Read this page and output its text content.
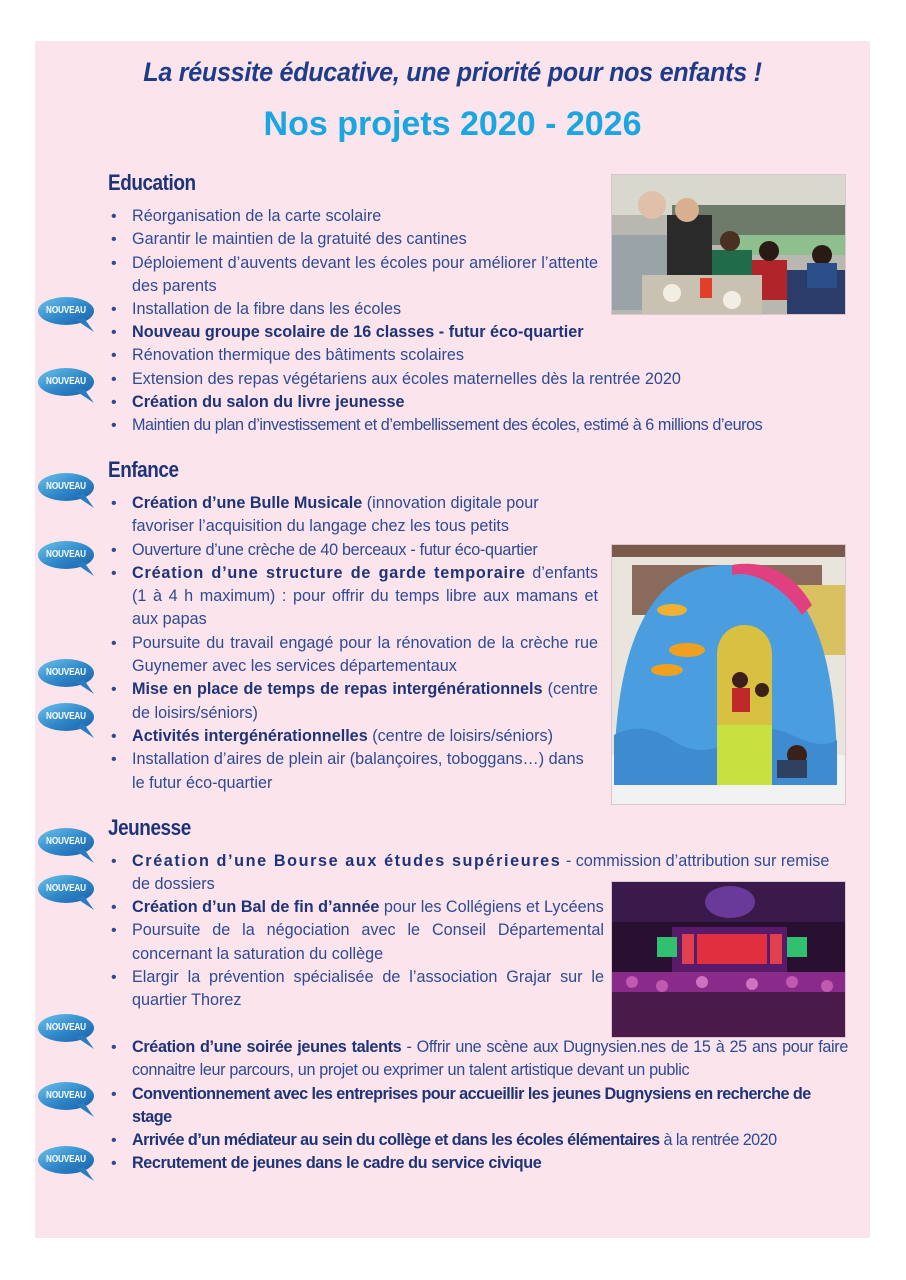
La réussite éducative, une priorité pour nos enfants !
Nos projets 2020 - 2026
Education
• Réorganisation de la carte scolaire
• Garantir le maintien de la gratuité des cantines
• Déploiement d’auvents devant les écoles pour améliorer l’attente des parents
• Installation de la fibre dans les écoles
• Nouveau groupe scolaire de 16 classes - futur éco-quartier
• Rénovation thermique des bâtiments scolaires
• Extension des repas végétariens aux écoles maternelles dès la rentrée 2020
• Création du salon du livre jeunesse
• Maintien du plan d’investissement et d’embellissement des écoles, estimé à 6 millions d’euros
Enfance
• Création d’une Bulle Musicale (innovation digitale pour favoriser l’acquisition du langage chez les tous petits
• Ouverture d’une crèche de 40 berceaux - futur éco-quartier
• Création d’une structure de garde temporaire d’enfants (1 à 4 h maximum) : pour offrir du temps libre aux mamans et aux papas
• Poursuite du travail engagé pour la rénovation de la crèche rue Guynemer avec les services départementaux
• Mise en place de temps de repas intergénérationnels (centre de loisirs/séniors)
• Activités intergénérationnelles (centre de loisirs/séniors)
• Installation d’aires de plein air (balançoires, toboggans…) dans le futur éco-quartier
Jeunesse
• Création d’une Bourse aux études supérieures - commission d’attribution sur remise de dossiers
• Création d’un Bal de fin d’année pour les Collégiens et Lycéens
• Poursuite de la négociation avec le Conseil Départemental concernant la saturation du collège
• Elargir la prévention spécialisée de l’association Grajar sur le quartier Thorez
• Création d’une soirée jeunes talents - Offrir une scène aux Dugnysien.nes de 15 à 25 ans pour faire connaitre leur parcours, un projet ou exprimer un talent artistique devant un public
• Conventionnement avec les entreprises pour accueillir les jeunes Dugnysiens en recherche de stage
• Arrivée d’un médiateur au sein du collège et dans les écoles élémentaires à la rentrée 2020
• Recrutement de jeunes dans le cadre du service civique
NOUVEAU
NOUVEAU
NOUVEAU
NOUVEAU
NOUVEAU
NOUVEAU
NOUVEAU
NOUVEAU
NOUVEAU
NOUVEAU
NOUVEAU
